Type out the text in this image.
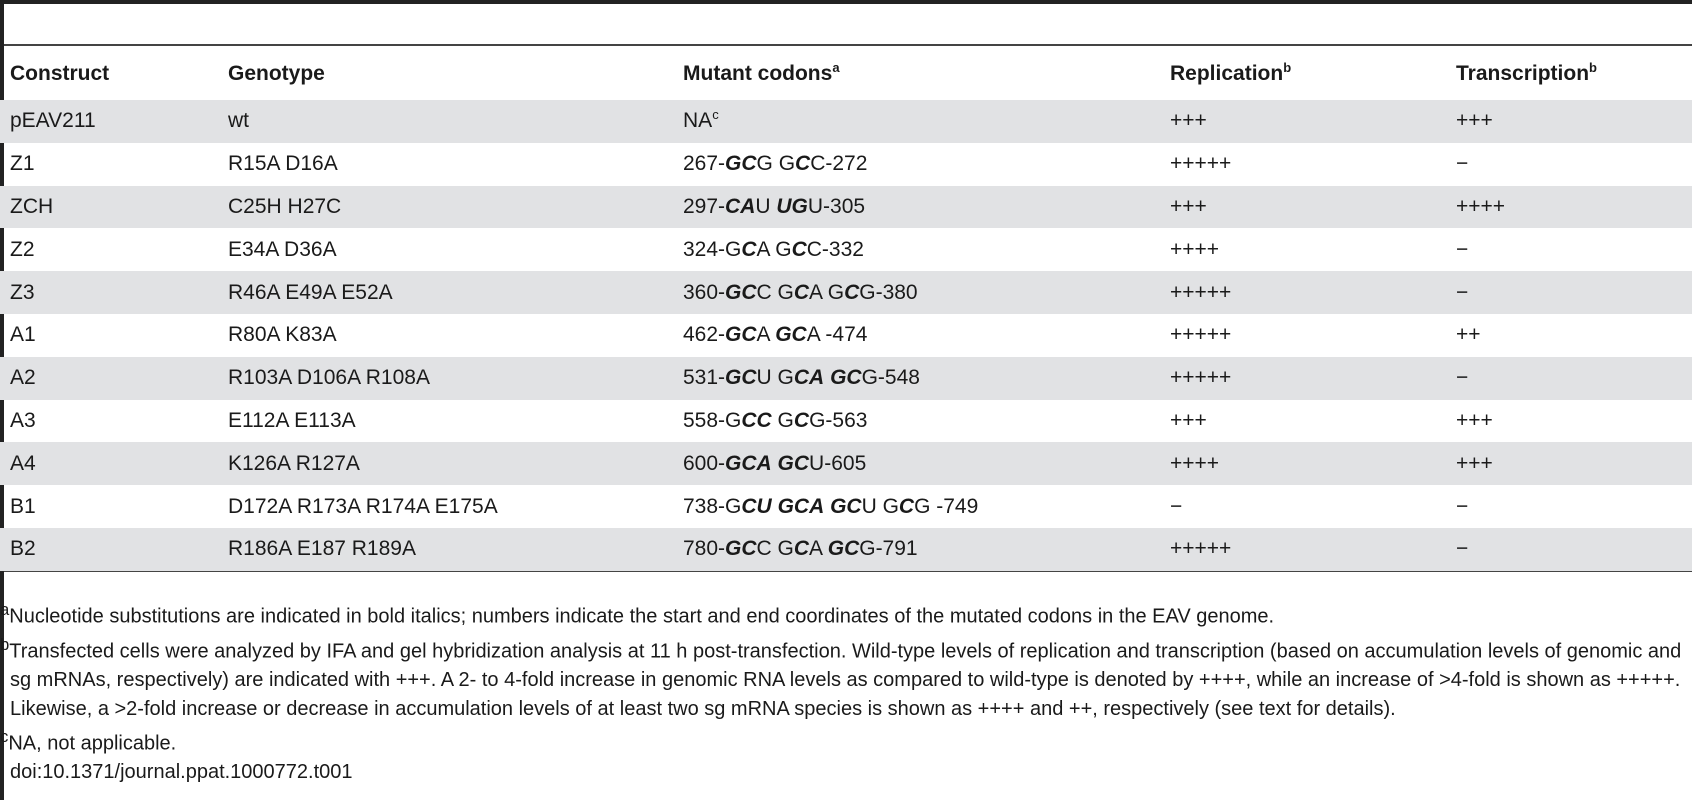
Construct	Genotype	Mutant codons$^a$	Replication$^b$	Transcription$^b$
pEAV211	wt	$NA^c$	+++	+++
Z1	R15A D16A	267-GCG GCC-272	+++++	−
ZCH	C25H H27C	297-CAU UGU-305	+++	++++
Z2	E34A D36A	324-GCA GCC-332	++++	−
Z3	R46A E49A E52A	360-GCC GCA GCG-380	+++++	−
A1	R80A K83A	462-GCA GCA -474	+++++	++
A2	R103A D106A R108A	531-GCU GCA GCG-548	+++++	−
A3	E112A E113A	558-GCC GCG-563	+++	+++
A4	K126A R127A	600-GCA GCU-605	++++	+++
B1	D172A R173A R174A E175A	738-GCU GCA GCU GCG -749	−	−
B2	R186A E187 R189A	780-GCC GCA GCG-791	+++++	−
$^a$Nucleotide substitutions are indicated in bold italics; numbers indicate the start and end coordinates of the mutated codons in the EAV genome.
$^b$Transfected cells were analyzed by IFA and gel hybridization analysis at 11 h post-transfection. Wild-type levels of replication and transcription (based on accumulation levels of genomic and sg mRNAs, respectively) are indicated with +++. A 2- to 4-fold increase in genomic RNA levels as compared to wild-type is denoted by ++++, while an increase of >4-fold is shown as +++++. Likewise, a >2-fold increase or decrease in accumulation levels of at least two sg mRNA species is shown as ++++ and ++, respectively (see text for details).
$^c$NA, not applicable.
doi:10.1371/journal.ppat.1000772.t001
